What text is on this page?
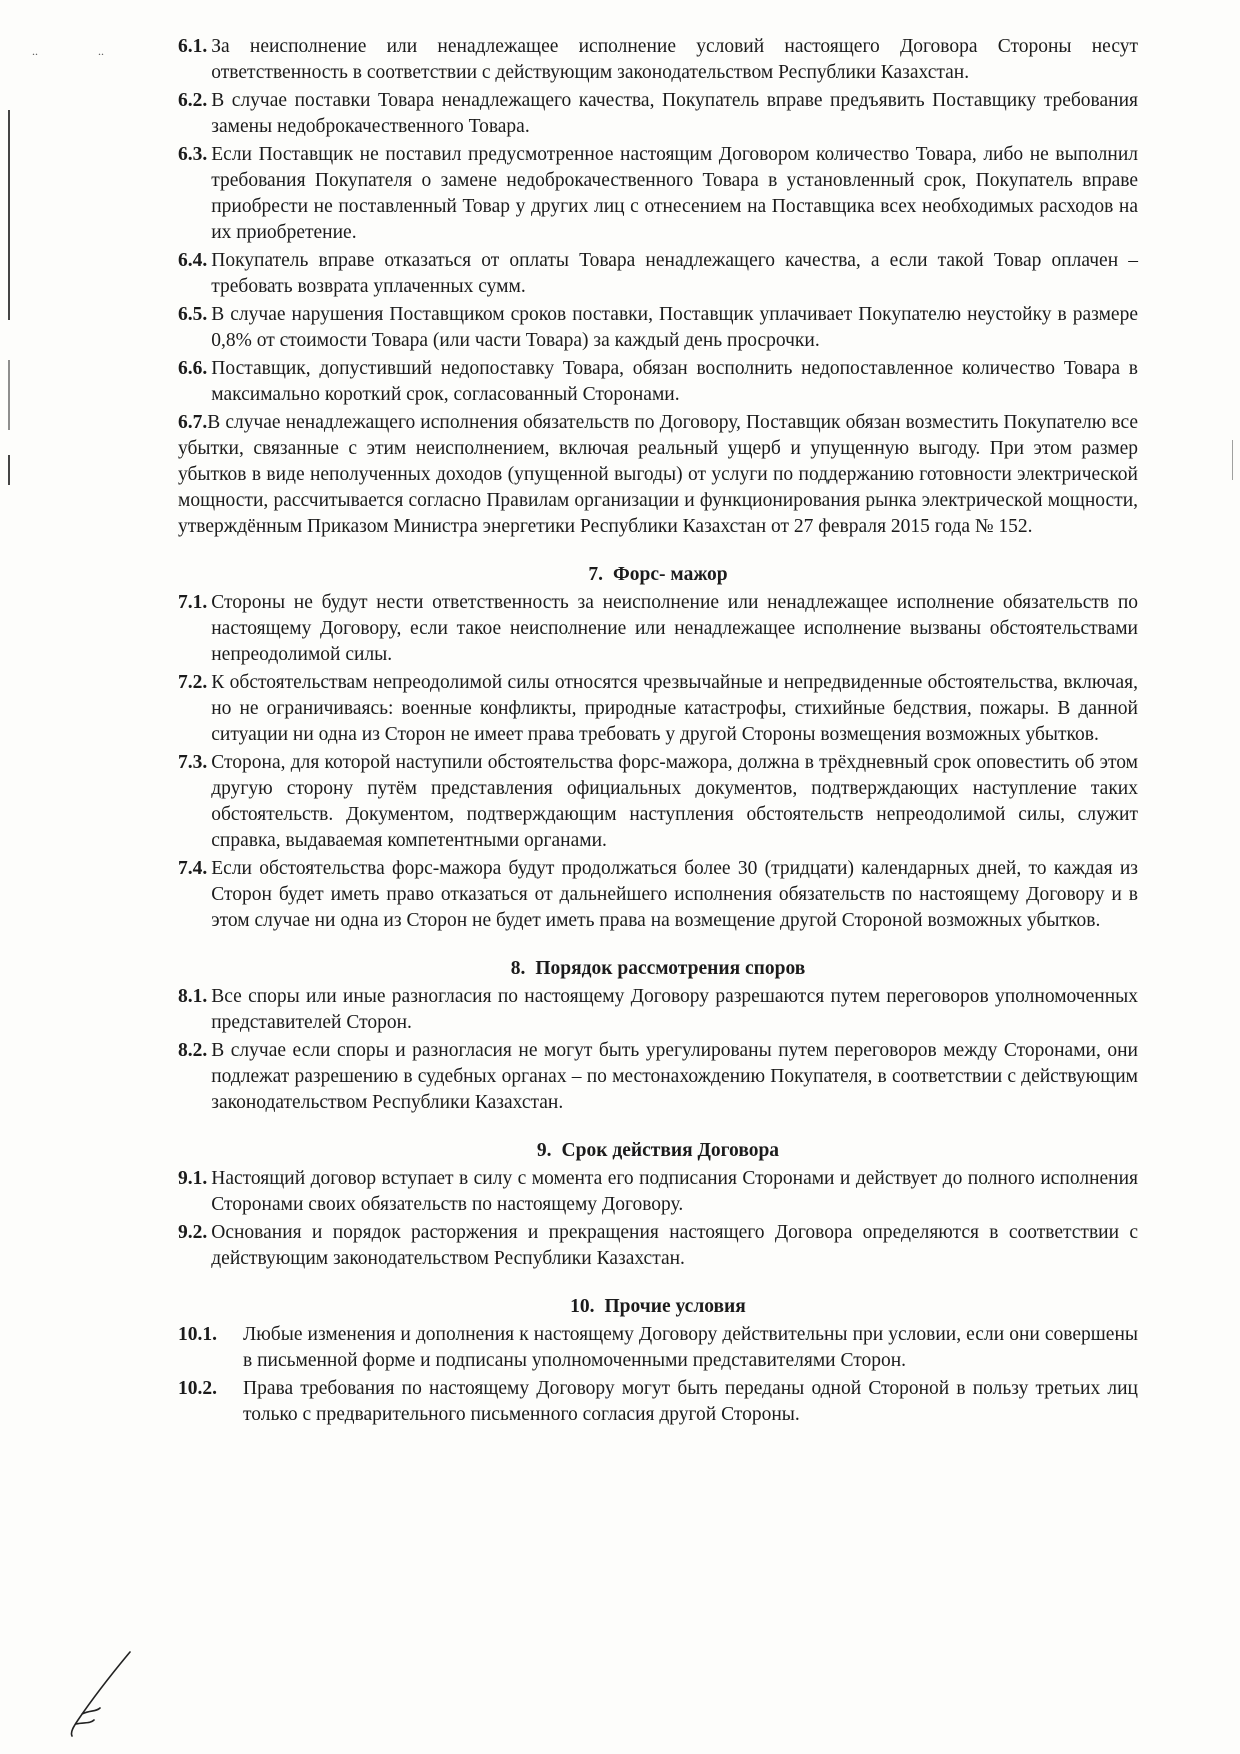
..	..	6.1. За неисполнение или ненадлежащее исполнение условий настоящего Договора Стороны несут ответственность в соответствии с действующим законодательством Республики Казахстан.
6.2. В случае поставки Товара ненадлежащего качества, Покупатель вправе предъявить Поставщику требования замены недоброкачественного Товара.
6.3. Если Поставщик не поставил предусмотренное настоящим Договором количество Товара, либо не выполнил требования Покупателя о замене недоброкачественного Товара в установленный срок, Покупатель вправе приобрести не поставленный Товар у других лиц с отнесением на Поставщика всех необходимых расходов на их приобретение.
6.4. Покупатель вправе отказаться от оплаты Товара ненадлежащего качества, а если такой Товар оплачен – требовать возврата уплаченных сумм.
6.5. В случае нарушения Поставщиком сроков поставки, Поставщик уплачивает Покупателю неустойку в размере 0,8% от стоимости Товара (или части Товара) за каждый день просрочки.
6.6. Поставщик, допустивший недопоставку Товара, обязан восполнить недопоставленное количество Товара в максимально короткий срок, согласованный Сторонами.
6.7.В случае ненадлежащего исполнения обязательств по Договору, Поставщик обязан возместить Покупателю все убытки, связанные с этим неисполнением, включая реальный ущерб и упущенную выгоду. При этом размер убытков в виде неполученных доходов (упущенной выгоды) от услуги по поддержанию готовности электрической мощности, рассчитывается согласно Правилам организации и функционирования рынка электрической мощности, утверждённым Приказом Министра энергетики Республики Казахстан от 27 февраля 2015 года № 152.
7. Форс- мажор
7.1. Стороны не будут нести ответственность за неисполнение или ненадлежащее исполнение обязательств по настоящему Договору, если такое неисполнение или ненадлежащее исполнение вызваны обстоятельствами непреодолимой силы.
7.2. К обстоятельствам непреодолимой силы относятся чрезвычайные и непредвиденные обстоятельства, включая, но не ограничиваясь: военные конфликты, природные катастрофы, стихийные бедствия, пожары. В данной ситуации ни одна из Сторон не имеет права требовать у другой Стороны возмещения возможных убытков.
7.3. Сторона, для которой наступили обстоятельства форс-мажора, должна в трёхдневный срок оповестить об этом другую сторону путём представления официальных документов, подтверждающих наступление таких обстоятельств. Документом, подтверждающим наступления обстоятельств непреодолимой силы, служит справка, выдаваемая компетентными органами.
7.4. Если обстоятельства форс-мажора будут продолжаться более 30 (тридцати) календарных дней, то каждая из Сторон будет иметь право отказаться от дальнейшего исполнения обязательств по настоящему Договору и в этом случае ни одна из Сторон не будет иметь права на возмещение другой Стороной возможных убытков.
8. Порядок рассмотрения споров
8.1. Все споры или иные разногласия по настоящему Договору разрешаются путем переговоров уполномоченных представителей Сторон.
8.2. В случае если споры и разногласия не могут быть урегулированы путем переговоров между Сторонами, они подлежат разрешению в судебных органах – по местонахождению Покупателя, в соответствии с действующим законодательством Республики Казахстан.
9. Срок действия Договора
9.1. Настоящий договор вступает в силу с момента его подписания Сторонами и действует до полного исполнения Сторонами своих обязательств по настоящему Договору.
9.2. Основания и порядок расторжения и прекращения настоящего Договора определяются в соответствии с действующим законодательством Республики Казахстан.
10. Прочие условия
10.1. Любые изменения и дополнения к настоящему Договору действительны при условии, если они совершены в письменной форме и подписаны уполномоченными представителями Сторон.
10.2. Права требования по настоящему Договору могут быть переданы одной Стороной в пользу третьих лиц только с предварительного письменного согласия другой Стороны.
